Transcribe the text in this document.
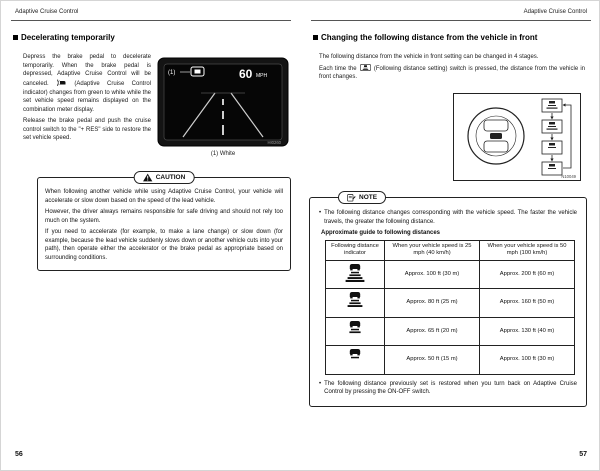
Adaptive Cruise Control
Decelerating temporarily

Depress the brake pedal to decelerate temporarily. When the brake pedal is depressed, Adaptive Cruise Control will be canceled.	(Adaptive Cruise Control indicator) changes from green to white while the set vehicle speed remains displayed on the combination meter display.

Release the brake pedal and push the cruise control switch to the "+ RES" side to restore the set vehicle speed.

(1)	60 MPH
HI0260
(1) White
CAUTION

When following another vehicle while using Adaptive Cruise Control, your vehicle will accelerate or slow down based on the speed of the lead vehicle.

However, the driver always remains responsible for safe driving and should not rely too much on the system.

If you need to accelerate (for example, to make a lane change) or slow down (for example, because the lead vehicle suddenly slows down or another vehicle cuts into your path), then operate either the accelerator or the brake pedal as appropriate based on surrounding conditions.

56
Adaptive Cruise Control
Changing the following distance from the vehicle in front

The following distance from the vehicle in front setting can be changed in 4 stages.

Each time the	(Following distance setting) switch is pressed, the distance from the vehicle in front changes.

N10049
NOTE
• The following distance changes corresponding with the vehicle speed. The faster the vehicle travels, the greater the following distance.
Approximate guide to following distances
Following distance indicator	When your vehicle speed is 25 mph (40 km/h)	When your vehicle speed is 50 mph (100 km/h)
	Approx. 100 ft (30 m)	Approx. 200 ft (60 m)
	Approx. 80 ft (25 m)	Approx. 160 ft (50 m)
	Approx. 65 ft (20 m)	Approx. 130 ft (40 m)
	Approx. 50 ft (15 m)	Approx. 100 ft (30 m)
• The following distance previously set is restored when you turn back on Adaptive Cruise Control by pressing the ON-OFF switch.
57
